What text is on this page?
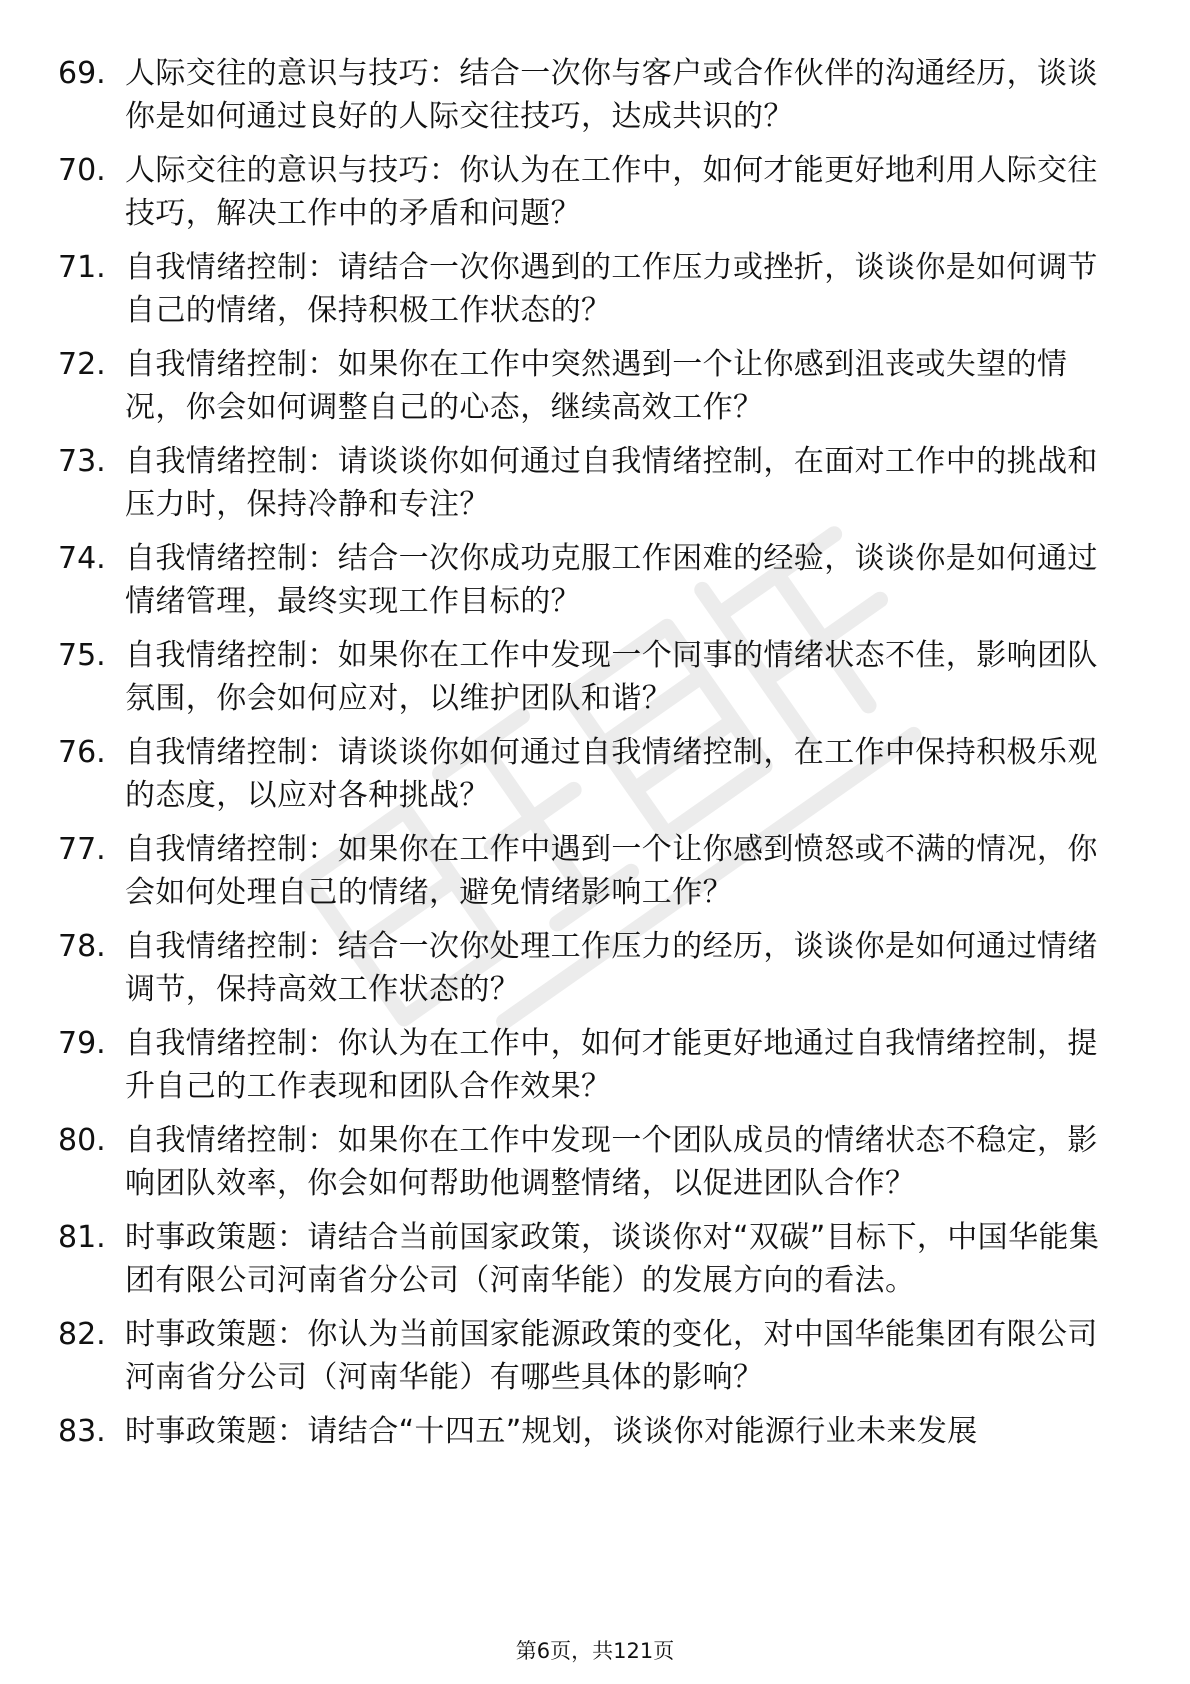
69. 人际交往的意识与技巧：结合一次你与客户或合作伙伴的沟通经历，谈谈你是如何通过良好的人际交往技巧，达成共识的？
70. 人际交往的意识与技巧：你认为在工作中，如何才能更好地利用人际交往技巧，解决工作中的矛盾和问题？
71. 自我情绪控制：请结合一次你遇到的工作压力或挫折，谈谈你是如何调节自己的情绪，保持积极工作状态的？
72. 自我情绪控制：如果你在工作中突然遇到一个让你感到沮丧或失望的情况，你会如何调整自己的心态，继续高效工作？
73. 自我情绪控制：请谈谈你如何通过自我情绪控制，在面对工作中的挑战和压力时，保持冷静和专注？
74. 自我情绪控制：结合一次你成功克服工作困难的经验，谈谈你是如何通过情绪管理，最终实现工作目标的？
75. 自我情绪控制：如果你在工作中发现一个同事的情绪状态不佳，影响团队氛围，你会如何应对，以维护团队和谐？
76. 自我情绪控制：请谈谈你如何通过自我情绪控制，在工作中保持积极乐观的态度，以应对各种挑战？
77. 自我情绪控制：如果你在工作中遇到一个让你感到愤怒或不满的情况，你会如何处理自己的情绪，避免情绪影响工作？
78. 自我情绪控制：结合一次你处理工作压力的经历，谈谈你是如何通过情绪调节，保持高效工作状态的？
79. 自我情绪控制：你认为在工作中，如何才能更好地通过自我情绪控制，提升自己的工作表现和团队合作效果？
80. 自我情绪控制：如果你在工作中发现一个团队成员的情绪状态不稳定，影响团队效率，你会如何帮助他调整情绪，以促进团队合作？
81. 时事政策题：请结合当前国家政策，谈谈你对“双碳”目标下，中国华能集团有限公司河南省分公司（河南华能）的发展方向的看法。
82. 时事政策题：你认为当前国家能源政策的变化，对中国华能集团有限公司河南省分公司（河南华能）有哪些具体的影响？
83. 时事政策题：请结合“十四五”规划，谈谈你对能源行业未来发展
第6页，共121页
